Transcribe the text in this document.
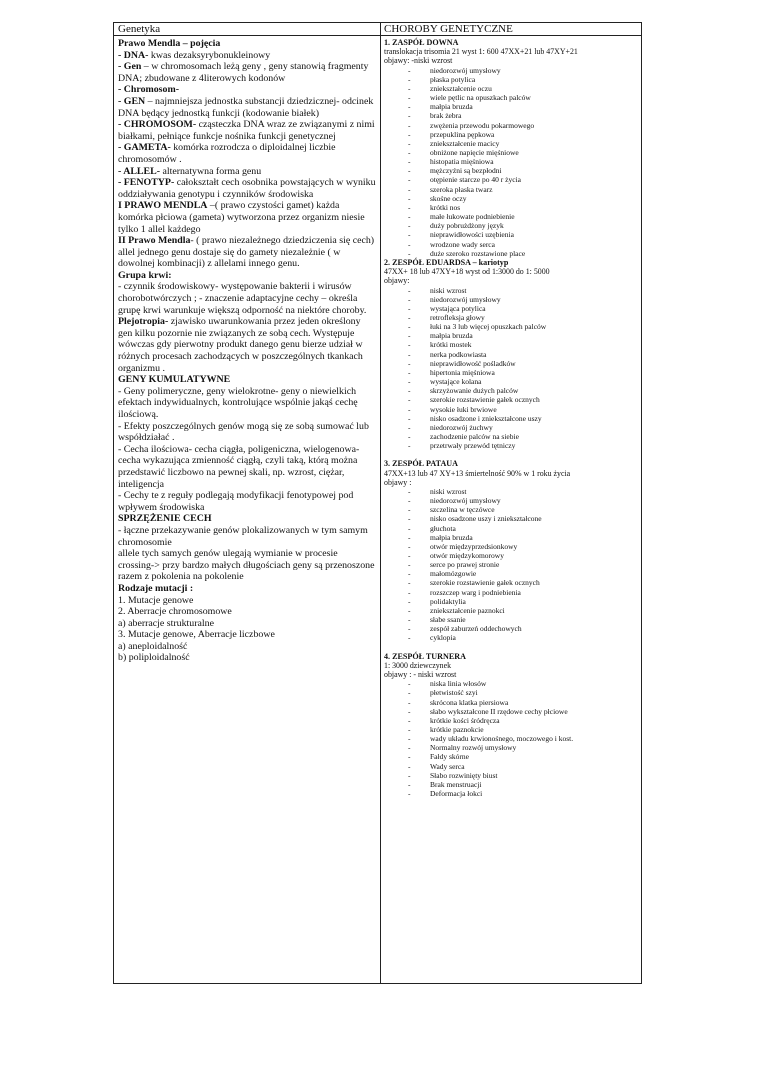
Genetyka	CHOROBY GENETYCZNE

Prawo Mendla – pojęcia

- DNA- kwas dezaksyrybonukleinowy

- Gen – w chromosomach leżą geny , geny stanowią fragmenty DNA; zbudowane z 4literowych kodonów

- Chromosom-

- GEN – najmniejsza jednostka substancji dziedzicznej- odcinek DNA będący jednostką funkcji (kodowanie białek)

- CHROMOSOM- cząsteczka DNA wraz ze związanymi z nimi białkami, pełniące funkcje nośnika funkcji genetycznej

- GAMETA- komórka rozrodcza o diploidalnej liczbie chromosomów .

- ALLEL- alternatywna forma genu

- FENOTYP- całokształt cech osobnika powstających w wyniku oddziaływania genotypu i czynników środowiska

I PRAWO MENDLA –( prawo czystości gamet) każda komórka płciowa (gameta) wytworzona przez organizm niesie tylko 1 allel każdego

II Prawo Mendla- ( prawo niezależnego dziedziczenia się cech) allel jednego genu dostaje się do gamety niezależnie ( w dowolnej kombinacji) z allelami innego genu.

Grupa krwi:

- czynnik środowiskowy- występowanie bakterii i wirusów chorobotwórczych ; - znaczenie adaptacyjne cechy – określa grupę krwi warunkuje większą odporność na niektóre choroby.

Plejotropia- zjawisko uwarunkowania przez jeden określony gen kilku pozornie nie związanych ze sobą cech. Występuje wówczas gdy pierwotny produkt danego genu bierze udział w różnych procesach zachodzących w poszczególnych tkankach organizmu .

GENY KUMULATYWNE

- Geny polimeryczne, geny wielokrotne- geny o niewielkich efektach indywidualnych, kontrolujące wspólnie jakąś cechę ilościową.

- Efekty poszczególnych genów mogą się ze sobą sumować lub współdziałać .

- Cecha ilościowa- cecha ciągła, poligeniczna, wielogenowa- cecha wykazująca zmienność ciągłą, czyli taką, którą można przedstawić liczbowo na pewnej skali, np. wzrost, ciężar, inteligencja

- Cechy te z reguły podlegają modyfikacji fenotypowej pod wpływem środowiska

SPRZĘŻENIE CECH

- łączne przekazywanie genów plokalizowanych w tym samym chromosomie

allele tych samych genów ulegają wymianie w procesie crossing-> przy bardzo małych długościach geny są przenoszone razem z pokolenia na pokolenie

Rodzaje mutacji :

1. Mutacje genowe

2. Aberracje chromosomowe

a) aberracje strukturalne

3. Mutacje genowe, Aberracje liczbowe

a) aneploidalność

b) poliploidalność

1. ZASPÓŁ DOWNA

translokacja trisomia 21 wyst 1: 600 47XX+21 lub 47XY+21

objawy: -niski wzrost

- niedorozwój umysłowy
- płaska potylica
- zniekształcenie oczu
- wiele pętlic na opuszkach palców
- małpia bruzda
- brak żebra
- zwężenia przewodu pokarmowego
- przepuklina pępkowa
- zniekształcenie macicy
- obniżone napięcie mięśniowe
- histopatia mięśniowa
- mężczyźni są bezpłodni
- otępienie starcze po 40 r życia
- szeroka płaska twarz
- skośne oczy
- krótki nos
- małe łukowate podniebienie
- duży pobrużdżony język
- nieprawidłowości uzębienia
- wrodzone wady serca
- duże szeroko rozstawione place

2. ZESPÓŁ EDUARDSA – kariotyp

47XX+ 18 lub 47XY+18 wyst od 1:3000 do 1: 5000

objawy:

- niski wzrost
- niedorozwój umysłowy
- wystająca potylica
- retrofleksja głowy
- łuki na 3 lub więcej opuszkach palców
- małpia bruzda
- krótki mostek
- nerka podkowiasta
- nieprawidłowość pośladków
- hipertonia mięśniowa
- wystające kolana
- skrzyżowanie dużych palców
- szerokie rozstawienie gałek ocznych
- wysokie łuki brwiowe
- nisko osadzone i zniekształcone uszy
- niedorozwój żuchwy
- zachodzenie palców na siebie
- przetrwały przewód tętniczy

3. ZESPÓŁ PATAUA

47XX+13 lub 47 XY+13 śmiertelność 90% w 1 roku życia

objawy :

- niski wzrost
- niedorozwój umysłowy
- szczelina w tęczówce
- nisko osadzone uszy i zniekształcone
- głuchota
- małpia bruzda
- otwór międzyprzedsionkowy
- otwór międzykomorowy
- serce po prawej stronie
- małomózgowie
- szerokie rozstawienie gałek ocznych
- rozszczep warg i podniebienia
- polidaktylia
- zniekształcenie paznokci
- słabe ssanie
- zespół zaburzeń oddechowych
- cyklopia

4. ZESPÓŁ TURNERA

1: 3000 dziewczynek

objawy : - niski wzrost

- niska linia włosów
- płetwistość szyi
- skrócona klatka piersiowa
- słabo wykształcone II rzędowe cechy płciowe
- krótkie kości śródręcza
- krótkie paznokcie
- wady układu krwionośnego, moczowego i kost.
- Normalny rozwój umysłowy
- Fałdy skórne
- Wady serca
- Słabo rozwinięty biust
- Brak menstruacji
- Deformacja łokci
